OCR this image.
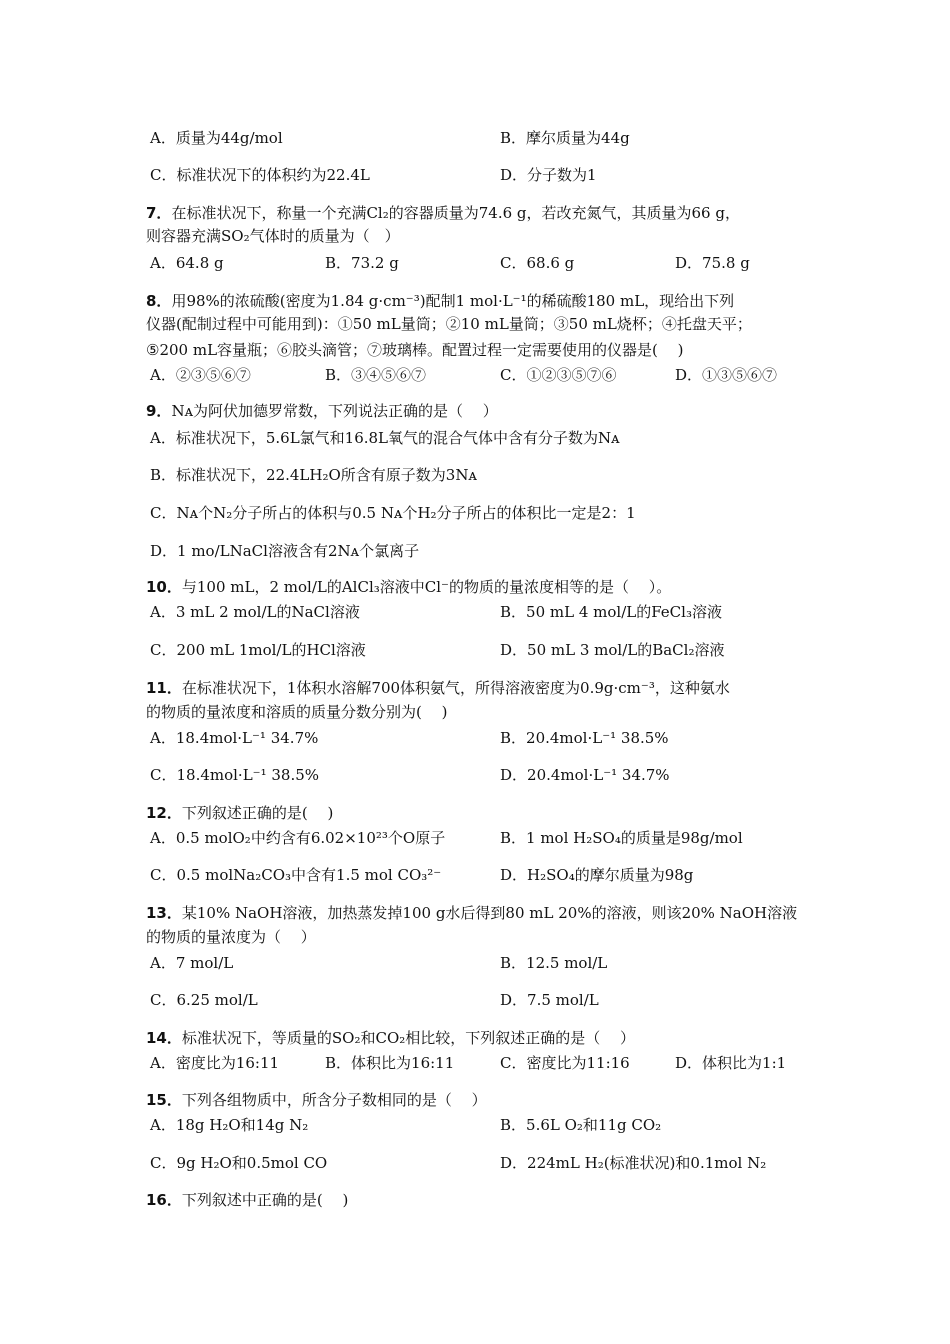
A．质量为44g/mol	B．摩尔质量为44g
C．标准状况下的体积约为22.4L	D．分子数为1
7．在标准状况下，称量一个充满Cl₂的容器质量为74.6 g，若改充氮气，其质量为66 g，
则容器充满SO₂气体时的质量为（　）
A．64.8 g	B．73.2 g	C．68.6 g	D．75.8 g
8．用98%的浓硫酸(密度为1.84 g·cm⁻³)配制1 mol·L⁻¹的稀硫酸180 mL，现给出下列
仪器(配制过程中可能用到)：①50 mL量筒；②10 mL量筒；③50 mL烧杯；④托盘天平；
⑤200 mL容量瓶；⑥胶头滴管；⑦玻璃棒。配置过程一定需要使用的仪器是(　 )
A．②③⑤⑥⑦	B．③④⑤⑥⑦	C．①②③⑤⑦⑥	D．①③⑤⑥⑦
9．Nᴀ为阿伏加德罗常数，下列说法正确的是（　 ）
A．标准状况下，5.6L氯气和16.8L氧气的混合气体中含有分子数为Nᴀ
B．标准状况下，22.4LH₂O所含有原子数为3Nᴀ
C．Nᴀ个N₂分子所占的体积与0.5 Nᴀ个H₂分子所占的体积比一定是2：1
D．1 mo/LNaCl溶液含有2Nᴀ个氯离子
10．与100 mL，2 mol/L的AlCl₃溶液中Cl⁻的物质的量浓度相等的是（　 ）。
A．3 mL 2 mol/L的NaCl溶液	B．50 mL 4 mol/L的FeCl₃溶液
C．200 mL 1mol/L的HCl溶液	D．50 mL 3 mol/L的BaCl₂溶液
11．在标准状况下，1体积水溶解700体积氨气，所得溶液密度为0.9g·cm⁻³，这种氨水
的物质的量浓度和溶质的质量分数分别为(　 )
A．18.4mol·L⁻¹ 34.7%	B．20.4mol·L⁻¹ 38.5%
C．18.4mol·L⁻¹ 38.5%	D．20.4mol·L⁻¹ 34.7%
12．下列叙述正确的是(　 )
A．0.5 molO₂中约含有6.02×10²³个O原子	B．1 mol H₂SO₄的质量是98g/mol
C．0.5 molNa₂CO₃中含有1.5 mol CO₃²⁻	D．H₂SO₄的摩尔质量为98g
13．某10% NaOH溶液，加热蒸发掉100 g水后得到80 mL 20%的溶液，则该20% NaOH溶液
的物质的量浓度为（　 ）
A．7 mol/L	B．12.5 mol/L
C．6.25 mol/L	D．7.5 mol/L
14．标准状况下，等质量的SO₂和CO₂相比较，下列叙述正确的是（　 ）
A．密度比为16:11	B．体积比为16:11	C．密度比为11:16	D．体积比为1:1
15．下列各组物质中，所含分子数相同的是（　 ）
A．18g H₂O和14g N₂	B．5.6L O₂和11g CO₂
C．9g H₂O和0.5mol CO	D．224mL H₂(标准状况)和0.1mol N₂
16．下列叙述中正确的是(　 )
